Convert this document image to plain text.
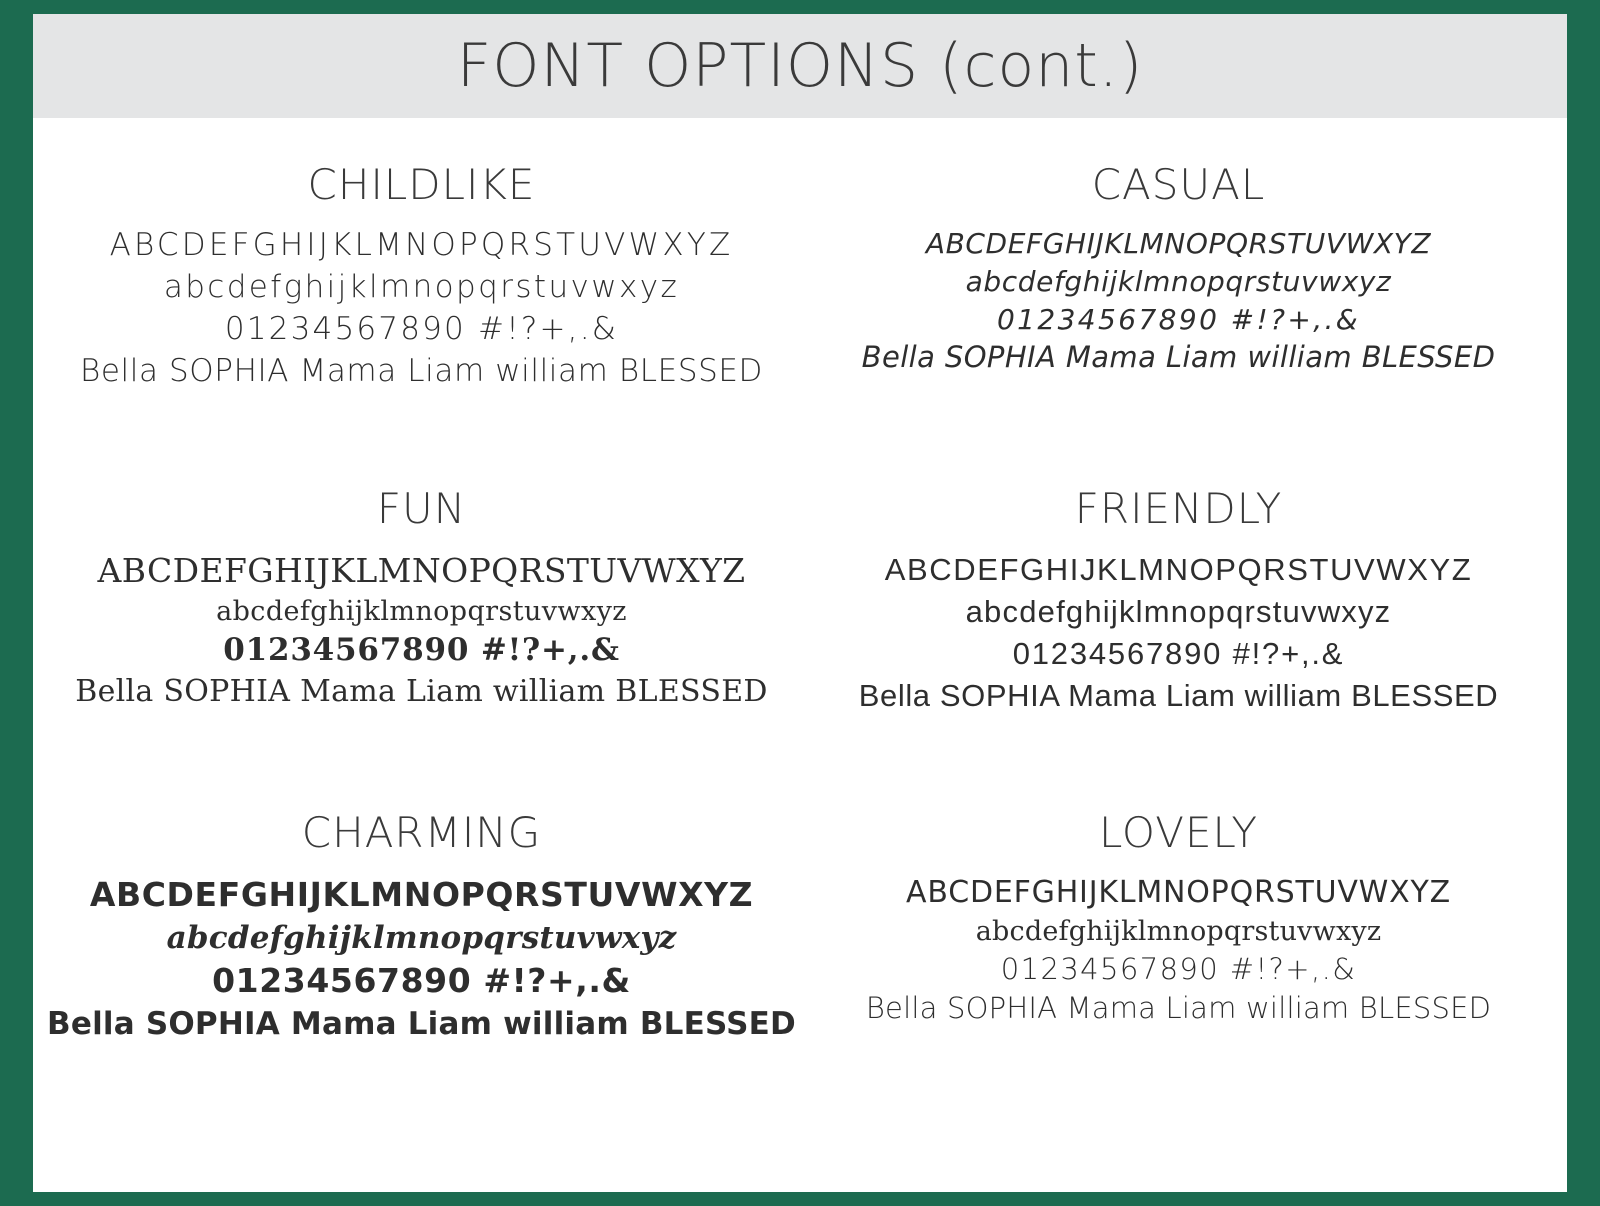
FONT OPTIONS (cont.)
CHILDLIKE
ABCDEFGHIJKLMNOPQRSTUVWXYZ
abcdefghijklmnopqrstuvwxyz
01234567890 #!?+,.&
Bella SOPHIA Mama Liam william BLESSED
CASUAL
ABCDEFGHIJKLMNOPQRSTUVWXYZ
abcdefghijklmnopqrstuvwxyz
01234567890 #!?+,.&
Bella SOPHIA Mama Liam william BLESSED
FUN
ABCDEFGHIJKLMNOPQRSTUVWXYZ
abcdefghijklmnopqrstuvwxyz
01234567890 #!?+,.&
Bella SOPHIA Mama Liam william BLESSED
FRIENDLY
ABCDEFGHIJKLMNOPQRSTUVWXYZ
abcdefghijklmnopqrstuvwxyz
01234567890 #!?+,.&
Bella SOPHIA Mama Liam william BLESSED
CHARMING
ABCDEFGHIJKLMNOPQRSTUVWXYZ
abcdefghijklmnopqrstuvwxyz
01234567890 #!?+,.&
Bella SOPHIA Mama Liam william BLESSED
LOVELY
ABCDEFGHIJKLMNOPQRSTUVWXYZ
abcdefghijklmnopqrstuvwxyz
01234567890 #!?+,.&
Bella SOPHIA Mama Liam william BLESSED
